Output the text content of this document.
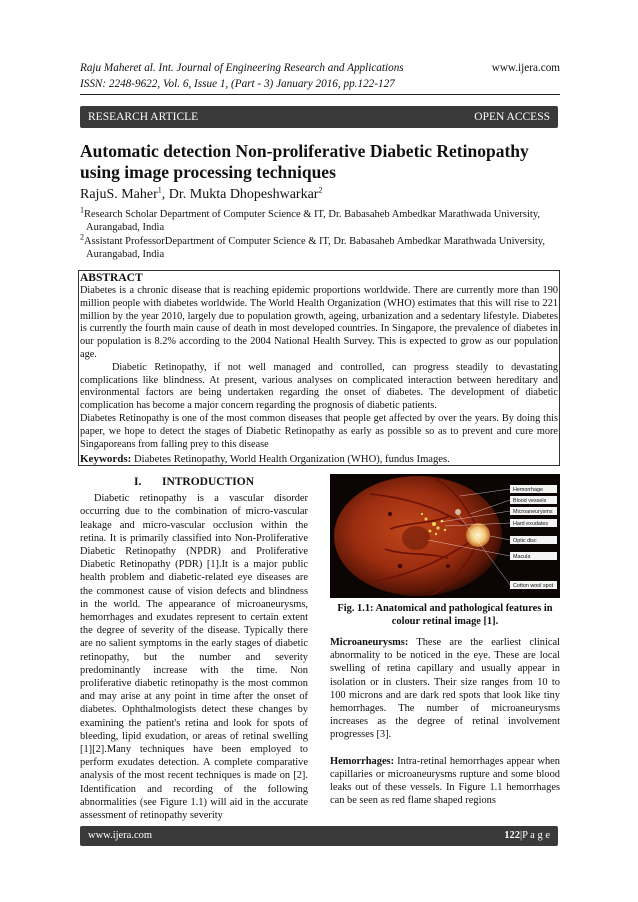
Raju Maheret al. Int. Journal of Engineering Research and Applications
ISSN: 2248-9622, Vol. 6, Issue 1, (Part - 3) January 2016, pp.122-127
www.ijera.com
RESEARCH ARTICLE	OPEN ACCESS
Automatic detection Non-proliferative Diabetic Retinopathy using image processing techniques
RajuS. Maher$^1$, Dr. Mukta Dhopeshwarkar$^2$
$^1$Research Scholar Department of Computer Science & IT, Dr. Babasaheb Ambedkar Marathwada University,
Aurangabad, India
$^2$Assistant ProfessorDepartment of Computer Science & IT, Dr. Babasaheb Ambedkar Marathwada University,
Aurangabad, India
ABSTRACT

Diabetes is a chronic disease that is reaching epidemic proportions worldwide. There are currently more than 190 million people with diabetes worldwide. The World Health Organization (WHO) estimates that this will rise to 221 million by the year 2010, largely due to population growth, ageing, urbanization and a sedentary lifestyle. Diabetes is currently the fourth main cause of death in most developed countries. In Singapore, the prevalence of diabetes in our population is 8.2% according to the 2004 National Health Survey. This is expected to grow as our population age.

Diabetic Retinopathy, if not well managed and controlled, can progress steadily to devastating complications like blindness. At present, various analyses on complicated interaction between hereditary and environmental factors are being undertaken regarding the onset of diabetes. The development of diabetic complication has become a major concern regarding the prognosis of diabetic patients.

Diabetes Retinopathy is one of the most common diseases that people get affected by over the years. By doing this paper, we hope to detect the stages of Diabetic Retinopathy as early as possible so as to prevent and cure more Singaporeans from falling prey to this disease

Keywords: Diabetes Retinopathy, World Health Organization (WHO), fundus Images.
I. INTRODUCTION

Diabetic retinopathy is a vascular disorder occurring due to the combination of micro-vascular leakage and micro-vascular occlusion within the retina. It is primarily classified into Non-Proliferative Diabetic Retinopathy (NPDR) and Proliferative Diabetic Retinopathy (PDR) [1].It is a major public health problem and diabetic-related eye diseases are the commonest cause of vision defects and blindness in the world. The appearance of microaneurysms, hemorrhages and exudates represent to certain extent the degree of severity of the disease. Typically there are no salient symptoms in the early stages of diabetic retinopathy, but the number and severity predominantly increase with the time. Non proliferative diabetic retinopathy is the most common and may arise at any point in time after the onset of diabetes. Ophthalmologists detect these changes by examining the patient's retina and look for spots of bleeding, lipid exudation, or areas of retinal swelling [1][2].Many techniques have been employed to perform exudates detection. A complete comparative analysis of the most recent techniques is made on [2]. Identification and recording of the following abnormalities (see Figure 1.1) will aid in the accurate assessment of retinopathy severity

Hemorrhage
Blood vessels
Microaneurysms
Hard exudates
Optic disc
Macula
Cotton wool spot
Fig. 1.1: Anatomical and pathological features in colour retinal image [1].

Microaneurysms: These are the earliest clinical abnormality to be noticed in the eye. These are local swelling of retina capillary and usually appear in isolation or in clusters. Their size ranges from 10 to 100 microns and are dark red spots that look like tiny hemorrhages. The number of microaneurysms increases as the degree of retinal involvement progresses [3].

Hemorrhages: Intra-retinal hemorrhages appear when capillaries or microaneurysms rupture and some blood leaks out of these vessels. In Figure 1.1 hemorrhages can be seen as red flame shaped regions

www.ijera.com	122|P a g e
